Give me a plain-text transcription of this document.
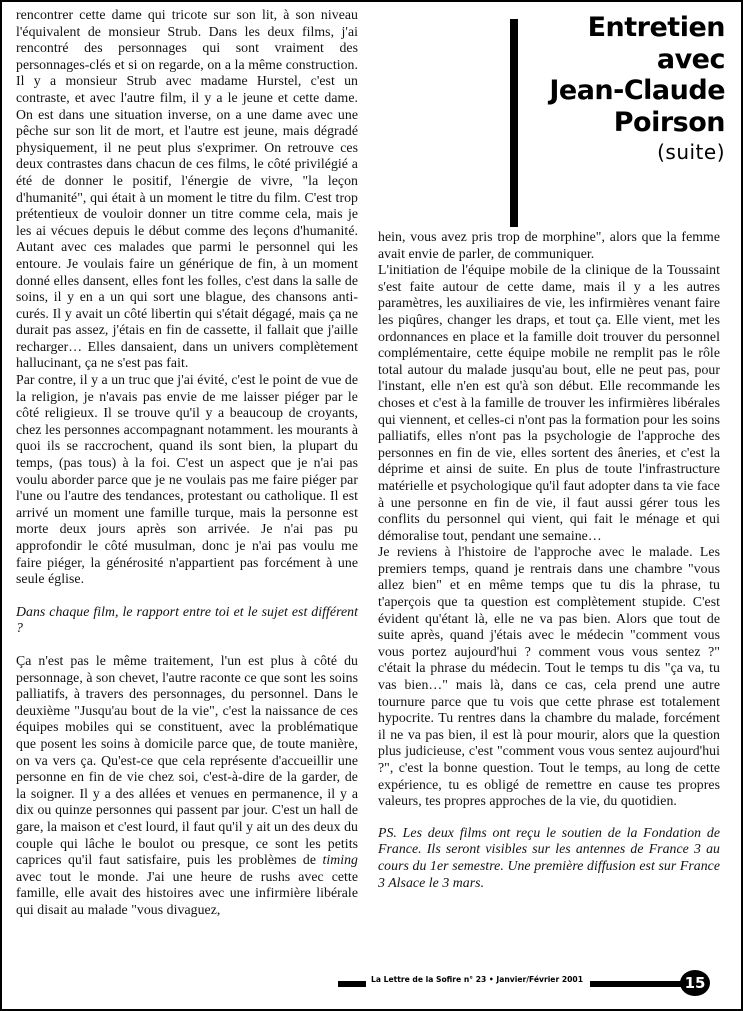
rencontrer cette dame qui tricote sur son lit, à son niveau l'équivalent de monsieur Strub. Dans les deux films, j'ai rencontré des personnages qui sont vraiment des personnages-clés et si on regarde, on a la même construction. Il y a monsieur Strub avec madame Hurstel, c'est un contraste, et avec l'autre film, il y a le jeune et cette dame. On est dans une situation inverse, on a une dame avec une pêche sur son lit de mort, et l'autre est jeune, mais dégradé physiquement, il ne peut plus s'exprimer. On retrouve ces deux contrastes dans chacun de ces films, le côté privilégié a été de donner le positif, l'énergie de vivre, "la leçon d'humanité", qui était à un moment le titre du film. C'est trop prétentieux de vouloir donner un titre comme cela, mais je les ai vécues depuis le début comme des leçons d'humanité. Autant avec ces malades que parmi le personnel qui les entoure. Je voulais faire un générique de fin, à un moment donné elles dansent, elles font les folles, c'est dans la salle de soins, il y en a un qui sort une blague, des chansons anti-curés. Il y avait un côté libertin qui s'était dégagé, mais ça ne durait pas assez, j'étais en fin de cassette, il fallait que j'aille recharger… Elles dansaient, dans un univers complètement hallucinant, ça ne s'est pas fait.

Par contre, il y a un truc que j'ai évité, c'est le point de vue de la religion, je n'avais pas envie de me laisser piéger par le côté religieux. Il se trouve qu'il y a beaucoup de croyants, chez les personnes accompagnant notamment. les mourants à quoi ils se raccrochent, quand ils sont bien, la plupart du temps, (pas tous) à la foi. C'est un aspect que je n'ai pas voulu aborder parce que je ne voulais pas me faire piéger par l'une ou l'autre des tendances, protestant ou catholique. Il est arrivé un moment une famille turque, mais la personne est morte deux jours après son arrivée. Je n'ai pas pu approfondir le côté musulman, donc je n'ai pas voulu me faire piéger, la générosité n'appartient pas forcément à une seule église.

Dans chaque film, le rapport entre toi et le sujet est différent ?

Ça n'est pas le même traitement, l'un est plus à côté du personnage, à son chevet, l'autre raconte ce que sont les soins palliatifs, à travers des personnages, du personnel. Dans le deuxième "Jusqu'au bout de la vie", c'est la naissance de ces équipes mobiles qui se constituent, avec la problématique que posent les soins à domicile parce que, de toute manière, on va vers ça. Qu'est-ce que cela représente d'accueillir une personne en fin de vie chez soi, c'est-à-dire de la garder, de la soigner. Il y a des allées et venues en permanence, il y a dix ou quinze personnes qui passent par jour. C'est un hall de gare, la maison et c'est lourd, il faut qu'il y ait un des deux du couple qui lâche le boulot ou presque, ce sont les petits caprices qu'il faut satisfaire, puis les problèmes de timing avec tout le monde. J'ai une heure de rushs avec cette famille, elle avait des histoires avec une infirmière libérale qui disait au malade "vous divaguez,

Entretien
avec
Jean-Claude
Poirson
(suite)

hein, vous avez pris trop de morphine", alors que la femme avait envie de parler, de communiquer.

L'initiation de l'équipe mobile de la clinique de la Toussaint s'est faite autour de cette dame, mais il y a les autres paramètres, les auxiliaires de vie, les infirmières venant faire les piqûres, changer les draps, et tout ça. Elle vient, met les ordonnances en place et la famille doit trouver du personnel complémentaire, cette équipe mobile ne remplit pas le rôle total autour du malade jusqu'au bout, elle ne peut pas, pour l'instant, elle n'en est qu'à son début. Elle recommande les choses et c'est à la famille de trouver les infirmières libérales qui viennent, et celles-ci n'ont pas la formation pour les soins palliatifs, elles n'ont pas la psychologie de l'approche des personnes en fin de vie, elles sortent des âneries, et c'est la déprime et ainsi de suite. En plus de toute l'infrastructure matérielle et psychologique qu'il faut adopter dans ta vie face à une personne en fin de vie, il faut aussi gérer tous les conflits du personnel qui vient, qui fait le ménage et qui démoralise tout, pendant une semaine…

Je reviens à l'histoire de l'approche avec le malade. Les premiers temps, quand je rentrais dans une chambre "vous allez bien" et en même temps que tu dis la phrase, tu t'aperçois que ta question est complètement stupide. C'est évident qu'étant là, elle ne va pas bien. Alors que tout de suite après, quand j'étais avec le médecin "comment vous vous portez aujourd'hui ? comment vous vous sentez ?" c'était la phrase du médecin. Tout le temps tu dis "ça va, tu vas bien…" mais là, dans ce cas, cela prend une autre tournure parce que tu vois que cette phrase est totalement hypocrite. Tu rentres dans la chambre du malade, forcément il ne va pas bien, il est là pour mourir, alors que la question plus judicieuse, c'est "comment vous vous sentez aujourd'hui ?", c'est la bonne question. Tout le temps, au long de cette expérience, tu es obligé de remettre en cause tes propres valeurs, tes propres approches de la vie, du quotidien.

PS. Les deux films ont reçu le soutien de la Fondation de France. Ils seront visibles sur les antennes de France 3 au cours du 1er semestre. Une première diffusion est sur France 3 Alsace le 3 mars.

La Lettre de la Sofire n° 23 • Janvier/Février 2001	15
